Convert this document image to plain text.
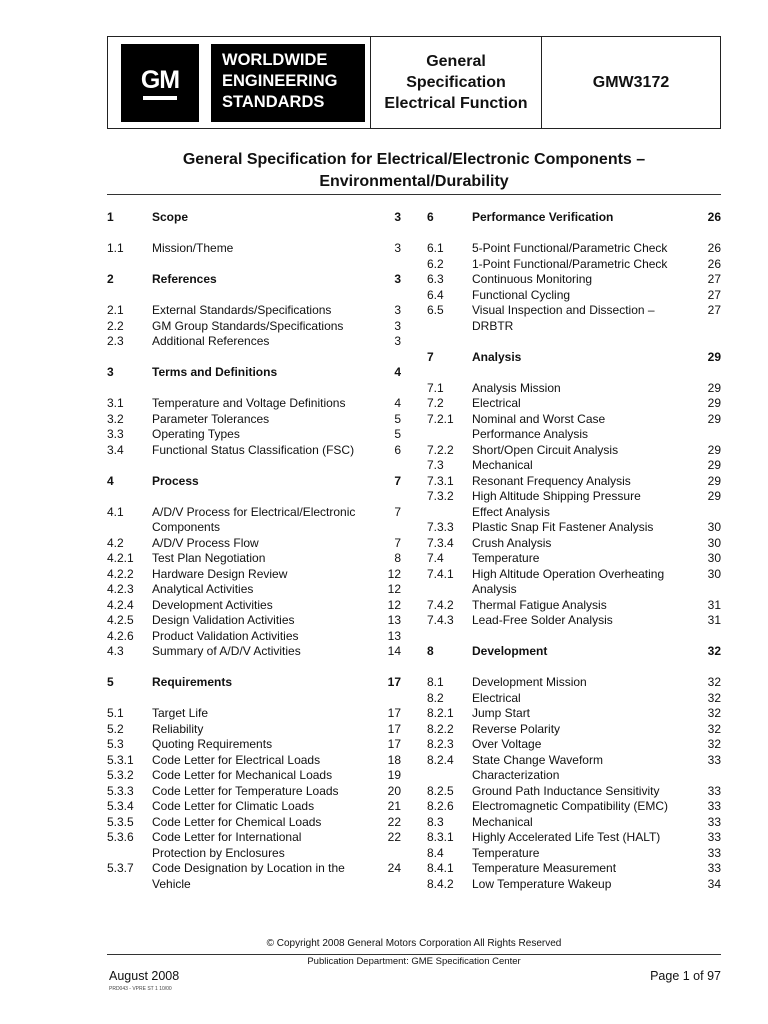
GM
WORLDWIDE
ENGINEERING
STANDARDS
General
Specification
Electrical Function
GMW3172
General Specification for Electrical/Electronic Components –
Environmental/Durability
1	Scope	3
1.1	Mission/Theme	3
2	References	3
2.1	External Standards/Specifications	3
2.2	GM Group Standards/Specifications	3
2.3	Additional References	3
3	Terms and Definitions	4
3.1	Temperature and Voltage Definitions	4
3.2	Parameter Tolerances	5
3.3	Operating Types	5
3.4	Functional Status Classification (FSC)	6
4	Process	7
4.1	A/D/V Process for Electrical/Electronic	7
Components
4.2	A/D/V Process Flow	7
4.2.1	Test Plan Negotiation	8
4.2.2	Hardware Design Review	12
4.2.3	Analytical Activities	12
4.2.4	Development Activities	12
4.2.5	Design Validation Activities	13
4.2.6	Product Validation Activities	13
4.3	Summary of A/D/V Activities	14
5	Requirements	17
5.1	Target Life	17
5.2	Reliability	17
5.3	Quoting Requirements	17
5.3.1	Code Letter for Electrical Loads	18
5.3.2	Code Letter for Mechanical Loads	19
5.3.3	Code Letter for Temperature Loads	20
5.3.4	Code Letter for Climatic Loads	21
5.3.5	Code Letter for Chemical Loads	22
5.3.6	Code Letter for International	22
Protection by Enclosures
5.3.7	Code Designation by Location in the	24
Vehicle
6	Performance Verification	26
6.1	5-Point Functional/Parametric Check	26
6.2	1-Point Functional/Parametric Check	26
6.3	Continuous Monitoring	27
6.4	Functional Cycling	27
6.5	Visual Inspection and Dissection –	27
DRBTR
7	Analysis	29
7.1	Analysis Mission	29
7.2	Electrical	29
7.2.1	Nominal and Worst Case	29
Performance Analysis
7.2.2	Short/Open Circuit Analysis	29
7.3	Mechanical	29
7.3.1	Resonant Frequency Analysis	29
7.3.2	High Altitude Shipping Pressure	29
Effect Analysis
7.3.3	Plastic Snap Fit Fastener Analysis	30
7.3.4	Crush Analysis	30
7.4	Temperature	30
7.4.1	High Altitude Operation Overheating	30
Analysis
7.4.2	Thermal Fatigue Analysis	31
7.4.3	Lead-Free Solder Analysis	31
8	Development	32
8.1	Development Mission	32
8.2	Electrical	32
8.2.1	Jump Start	32
8.2.2	Reverse Polarity	32
8.2.3	Over Voltage	32
8.2.4	State Change Waveform	33
Characterization
8.2.5	Ground Path Inductance Sensitivity	33
8.2.6	Electromagnetic Compatibility (EMC)	33
8.3	Mechanical	33
8.3.1	Highly Accelerated Life Test (HALT)	33
8.4	Temperature	33
8.4.1	Temperature Measurement	33
8.4.2	Low Temperature Wakeup	34
© Copyright 2008 General Motors Corporation All Rights Reserved
Publication Department: GME Specification Center
August 2008
PRD043 - VPRE ST 1 10/00
Page 1 of 97
